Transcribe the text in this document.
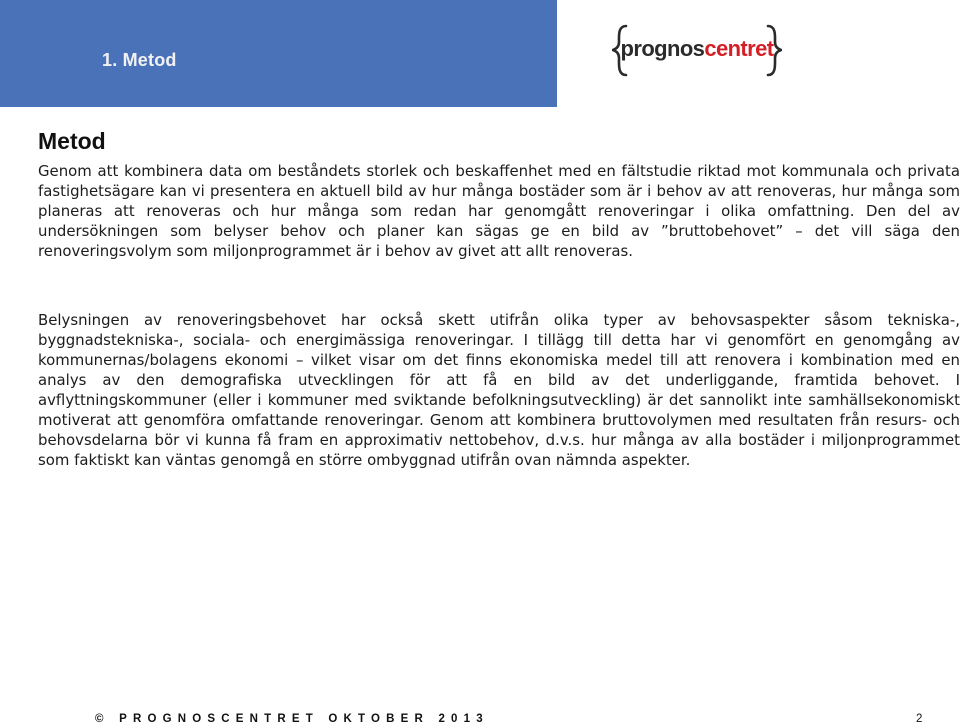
1. Metod	prognoscentret
Metod

Genom att kombinera data om beståndets storlek och beskaffenhet med en fältstudie riktad mot kommunala och privata fastighetsägare kan vi presentera en aktuell bild av hur många bostäder som är i behov av att renoveras, hur många som planeras att renoveras och hur många som redan har genomgått renoveringar i olika omfattning. Den del av undersökningen som belyser behov och planer kan sägas ge en bild av ”bruttobehovet” – det vill säga den renoveringsvolym som miljonprogrammet är i behov av givet att allt renoveras.

Belysningen av renoveringsbehovet har också skett utifrån olika typer av behovsaspekter såsom tekniska-, byggnadstekniska-, sociala- och energimässiga renoveringar. I tillägg till detta har vi genomfört en genomgång av kommunernas/bolagens ekonomi – vilket visar om det finns ekonomiska medel till att renovera i kombination med en analys av den demografiska utvecklingen för att få en bild av det underliggande, framtida behovet. I avflyttningskommuner (eller i kommuner med sviktande befolkningsutveckling) är det sannolikt inte samhällsekonomiskt motiverat att genomföra omfattande renoveringar. Genom att kombinera bruttovolymen med resultaten från resurs- och behovsdelarna bör vi kunna få fram en approximativ nettobehov, d.v.s. hur många av alla bostäder i miljonprogrammet som faktiskt kan väntas genomgå en större ombyggnad utifrån ovan nämnda aspekter.

© PROGNOSCENTRET OKTOBER 2013	2
